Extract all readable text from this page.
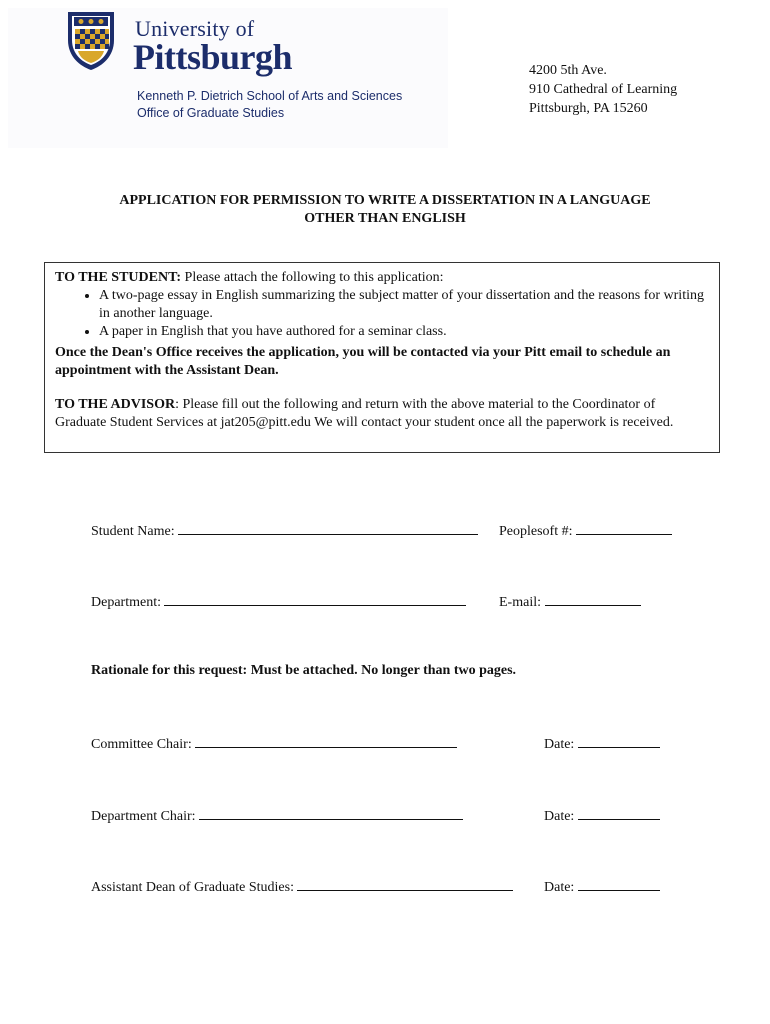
University of
Pittsburgh
Kenneth P. Dietrich School of Arts and Sciences
Office of Graduate Studies
4200 5th Ave.
910 Cathedral of Learning
Pittsburgh, PA 15260
APPLICATION FOR PERMISSION TO WRITE A DISSERTATION IN A LANGUAGE
OTHER THAN ENGLISH

TO THE STUDENT: Please attach the following to this application:

• A two-page essay in English summarizing the subject matter of your dissertation and the reasons for writing in another language.
• A paper in English that you have authored for a seminar class.

Once the Dean's Office receives the application, you will be contacted via your Pitt email to schedule an appointment with the Assistant Dean.

TO THE ADVISOR: Please fill out the following and return with the above material to the Coordinator of Graduate Student Services at jat205@pitt.edu We will contact your student once all the paperwork is received.

Student Name:	Peoplesoft #:
Department:	E-mail:
Rationale for this request: Must be attached. No longer than two pages.
Committee Chair:	Date:
Department Chair:	Date:
Assistant Dean of Graduate Studies:	Date:
